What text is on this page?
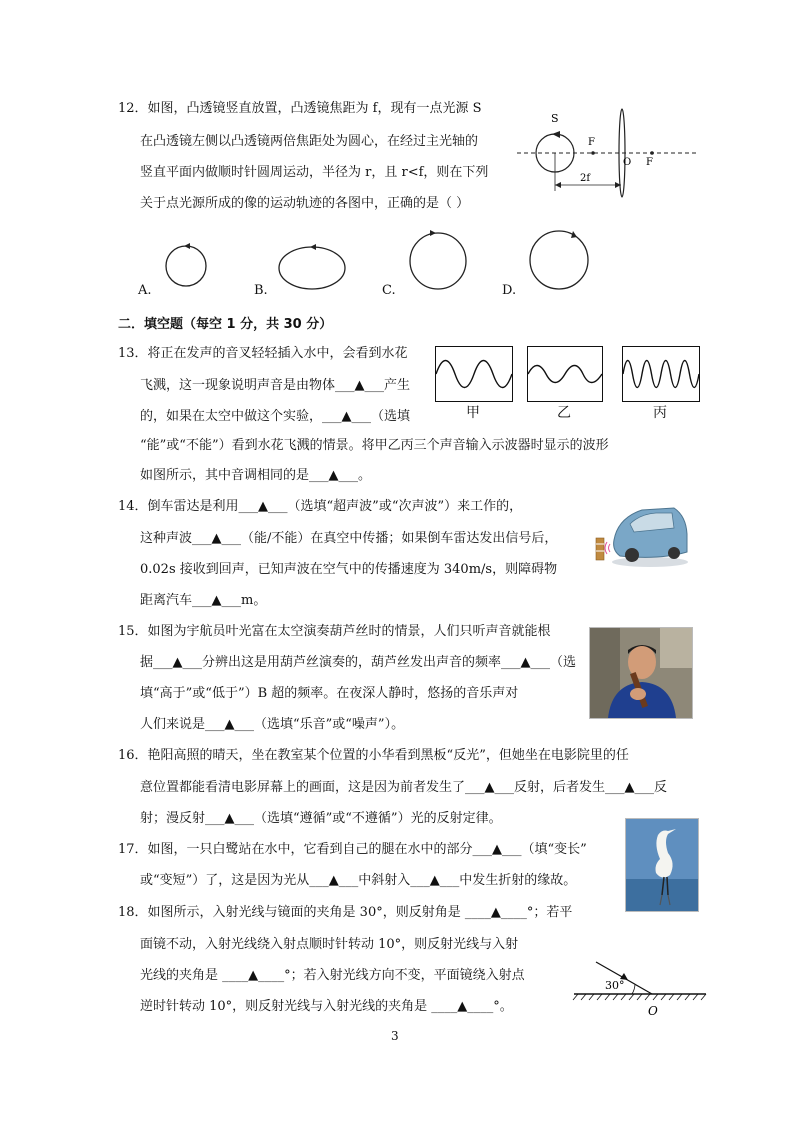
12．如图，凸透镜竖直放置，凸透镜焦距为 f，现有一点光源 S
在凸透镜左侧以凸透镜两倍焦距处为圆心，在经过主光轴的
竖直平面内做顺时针圆周运动，半径为 r，且 r<f，则在下列
关于点光源所成的像的运动轨迹的各图中，正确的是（ ）
S
F
O F
2f
A.	B.	C.	D.
二．填空题（每空 1 分，共 30 分）
13．将正在发声的音叉轻轻插入水中，会看到水花
飞溅，这一现象说明声音是由物体___▲___产生
的，如果在太空中做这个实验，___▲___（选填
“能”或“不能”）看到水花飞溅的情景。将甲乙丙三个声音输入示波器时显示的波形
如图所示，其中音调相同的是___▲___。
甲	乙	丙
14．倒车雷达是利用___▲___（选填“超声波”或“次声波”）来工作的，
这种声波___▲___（能/不能）在真空中传播；如果倒车雷达发出信号后，
0.02s 接收到回声，已知声波在空气中的传播速度为 340m/s，则障碍物
距离汽车___▲___m。
15．如图为宇航员叶光富在太空演奏葫芦丝时的情景，人们只听声音就能根
据___▲___分辨出这是用葫芦丝演奏的，葫芦丝发出声音的频率___▲___（选
填“高于”或“低于”）B 超的频率。在夜深人静时，悠扬的音乐声对
人们来说是___▲___（选填“乐音”或“噪声”）。
16．艳阳高照的晴天，坐在教室某个位置的小华看到黑板“反光”，但她坐在电影院里的任
意位置都能看清电影屏幕上的画面，这是因为前者发生了___▲___反射，后者发生___▲___反
射；漫反射___▲___（选填“遵循”或“不遵循”）光的反射定律。
17．如图，一只白鹭站在水中，它看到自己的腿在水中的部分___▲___（填“变长”
或“变短”）了，这是因为光从___▲___中斜射入___▲___中发生折射的缘故。
18．如图所示，入射光线与镜面的夹角是 30°，则反射角是 ____▲____°；若平
面镜不动，入射光线绕入射点顺时针转动 10°，则反射光线与入射
光线的夹角是 ____▲____°；若入射光线方向不变，平面镜绕入射点
逆时针转动 10°，则反射光线与入射光线的夹角是 ____▲____°。
30°
O
3
